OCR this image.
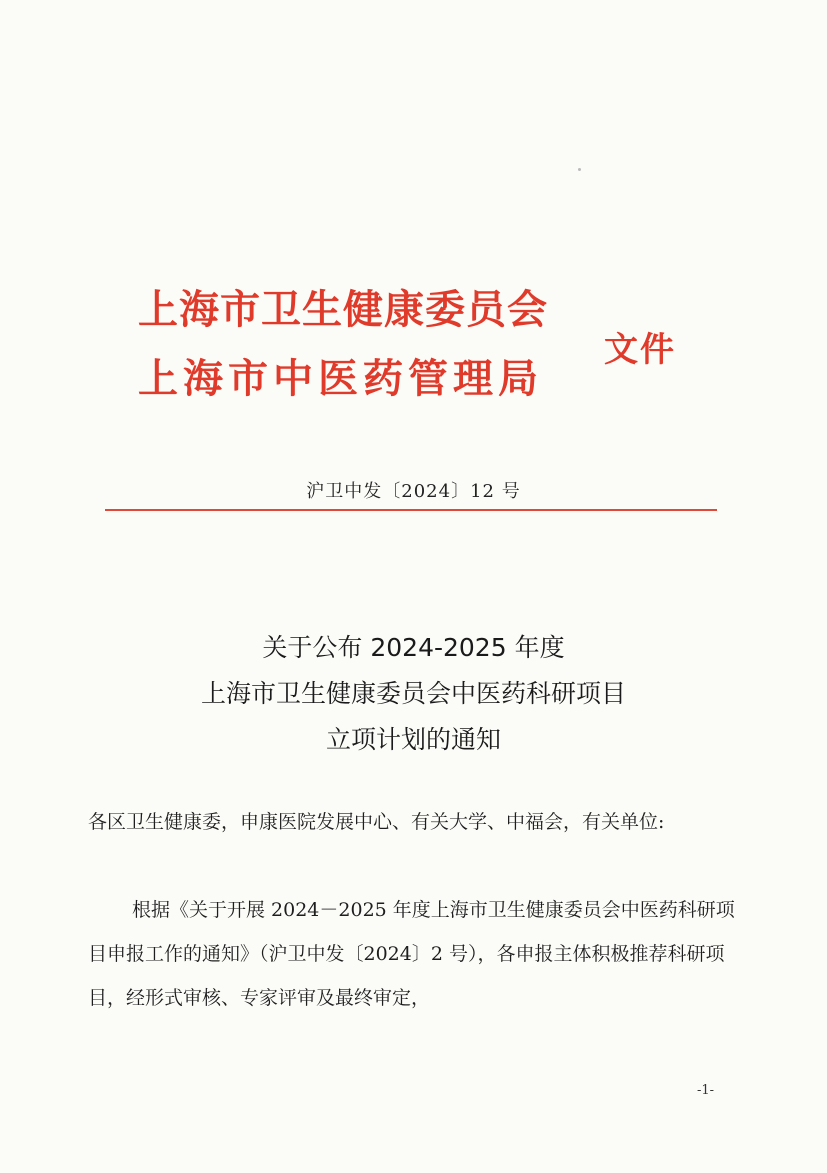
上海市卫生健康委员会
上海市中医药管理局
文件
沪卫中发〔2024〕12 号
关于公布 2024-2025 年度
上海市卫生健康委员会中医药科研项目
立项计划的通知
各区卫生健康委，申康医院发展中心、有关大学、中福会，有关单位:
根据《关于开展 2024－2025 年度上海市卫生健康委员会中医药科研项目申报工作的通知》（沪卫中发〔2024〕2 号），各申报主体积极推荐科研项目，经形式审核、专家评审及最终审定，
-1-
